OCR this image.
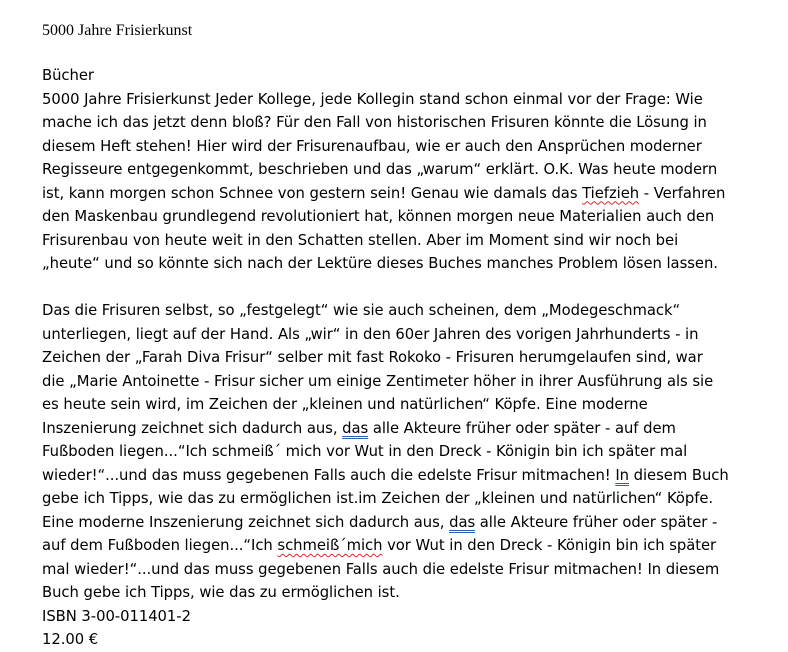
5000 Jahre Frisierkunst
Bücher
5000 Jahre Frisierkunst Jeder Kollege, jede Kollegin stand schon einmal vor der Frage: Wie
mache ich das jetzt denn bloß? Für den Fall von historischen Frisuren könnte die Lösung in
diesem Heft stehen! Hier wird der Frisurenaufbau, wie er auch den Ansprüchen moderner
Regisseure entgegenkommt, beschrieben und das „warum“ erklärt. O.K. Was heute modern
ist, kann morgen schon Schnee von gestern sein! Genau wie damals das Tiefzieh - Verfahren
den Maskenbau grundlegend revolutioniert hat, können morgen neue Materialien auch den
Frisurenbau von heute weit in den Schatten stellen. Aber im Moment sind wir noch bei
„heute“ und so könnte sich nach der Lektüre dieses Buches manches Problem lösen lassen.
Das die Frisuren selbst, so „festgelegt“ wie sie auch scheinen, dem „Modegeschmack“
unterliegen, liegt auf der Hand. Als „wir“ in den 60er Jahren des vorigen Jahrhunderts - in
Zeichen der „Farah Diva Frisur“ selber mit fast Rokoko - Frisuren herumgelaufen sind, war
die „Marie Antoinette - Frisur sicher um einige Zentimeter höher in ihrer Ausführung als sie
es heute sein wird, im Zeichen der „kleinen und natürlichen“ Köpfe. Eine moderne
Inszenierung zeichnet sich dadurch aus, das alle Akteure früher oder später - auf dem
Fußboden liegen...“Ich schmeiß´ mich vor Wut in den Dreck - Königin bin ich später mal
wieder!“...und das muss gegebenen Falls auch die edelste Frisur mitmachen! In diesem Buch
gebe ich Tipps, wie das zu ermöglichen ist.im Zeichen der „kleinen und natürlichen“ Köpfe.
Eine moderne Inszenierung zeichnet sich dadurch aus, das alle Akteure früher oder später -
auf dem Fußboden liegen...“Ich schmeiß´mich vor Wut in den Dreck - Königin bin ich später
mal wieder!“...und das muss gegebenen Falls auch die edelste Frisur mitmachen! In diesem
Buch gebe ich Tipps, wie das zu ermöglichen ist.
ISBN 3-00-011401-2
12.00 €
